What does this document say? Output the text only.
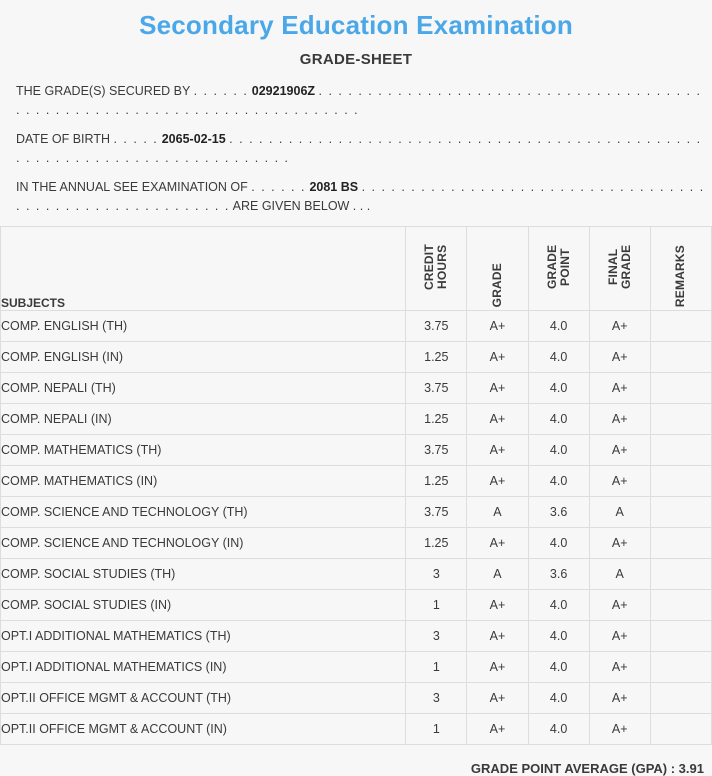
Secondary Education Examination
GRADE-SHEET
THE GRADE(S) SECURED BY . . . . . . 02921906Z . . . . . . . . . . . . . . . . . . . . . . . . . . . . . . . . . . . . . . . . . . . . . . . . . . . . . . . . . . . . . . . . . . . . . . . . . .
DATE OF BIRTH . . . . . 2065-02-15 . . . . . . . . . . . . . . . . . . . . . . . . . . . . . . . . . . . . . . . . . . . . . . . . . . . . . . . . . . . . . . . . . . . . . . . . . . . .
IN THE ANNUAL SEE EXAMINATION OF . . . . . . 2081 BS . . . . . . . . . . . . . . . . . . . . . . . . . . . . . . . . . . . . . . . . . . . . . . . . . . . . . . . . . ARE GIVEN BELOW . . .
SUBJECTS	CREDIT HOURS	GRADE	GRADE POINT	FINAL GRADE	REMARKS
COMP. ENGLISH (TH)	3.75	A+	4.0	A+	
COMP. ENGLISH (IN)	1.25	A+	4.0	A+	
COMP. NEPALI (TH)	3.75	A+	4.0	A+	
COMP. NEPALI (IN)	1.25	A+	4.0	A+	
COMP. MATHEMATICS (TH)	3.75	A+	4.0	A+	
COMP. MATHEMATICS (IN)	1.25	A+	4.0	A+	
COMP. SCIENCE AND TECHNOLOGY (TH)	3.75	A	3.6	A	
COMP. SCIENCE AND TECHNOLOGY (IN)	1.25	A+	4.0	A+	
COMP. SOCIAL STUDIES (TH)	3	A	3.6	A	
COMP. SOCIAL STUDIES (IN)	1	A+	4.0	A+	
OPT.I ADDITIONAL MATHEMATICS (TH)	3	A+	4.0	A+	
OPT.I ADDITIONAL MATHEMATICS (IN)	1	A+	4.0	A+	
OPT.II OFFICE MGMT & ACCOUNT (TH)	3	A+	4.0	A+	
OPT.II OFFICE MGMT & ACCOUNT (IN)	1	A+	4.0	A+	
GRADE POINT AVERAGE (GPA) : 3.91
